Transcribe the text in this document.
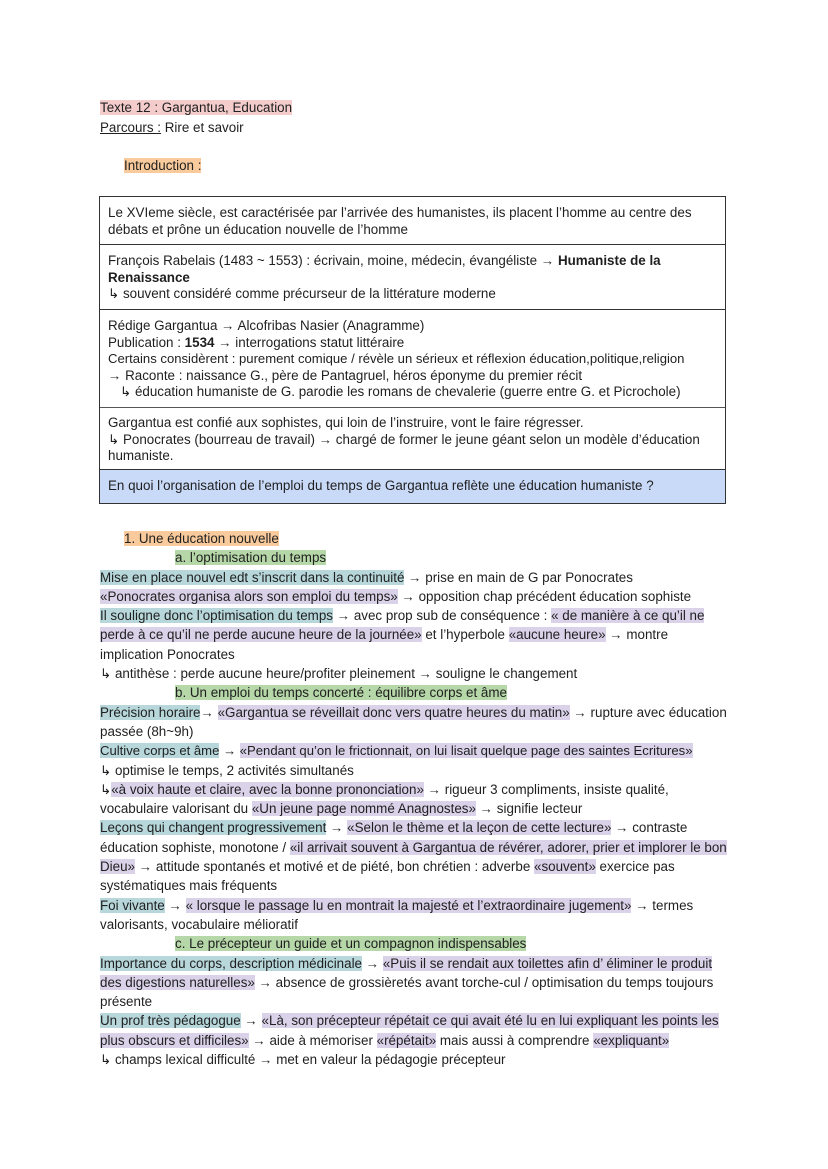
Texte 12 : Gargantua, Education
Parcours : Rire et savoir
Introduction :
Le XVIeme siècle, est caractérisée par l’arrivée des humanistes, ils placent l’homme au centre des débats et prône un éducation nouvelle de l’homme
François Rabelais (1483 ~ 1553) : écrivain, moine, médecin, évangéliste → Humaniste de la Renaissance
↳ souvent considéré comme précurseur de la littérature moderne
Rédige Gargantua → Alcofribas Nasier (Anagramme)
Publication : 1534 → interrogations statut littéraire
Certains considèrent : purement comique / révèle un sérieux et réflexion éducation,politique,religion
→ Raconte : naissance G., père de Pantagruel, héros éponyme du premier récit
↳ éducation humaniste de G. parodie les romans de chevalerie (guerre entre G. et Picrochole)
Gargantua est confié aux sophistes, qui loin de l’instruire, vont le faire régresser.
↳ Ponocrates (bourreau de travail) → chargé de former le jeune géant selon un modèle d’éducation humaniste.
En quoi l’organisation de l’emploi du temps de Gargantua reflète une éducation humaniste ?
1. Une éducation nouvelle
a. l’optimisation du temps
Mise en place nouvel edt s’inscrit dans la continuité → prise en main de G par Ponocrates
«Ponocrates organisa alors son emploi du temps» → opposition chap précédent éducation sophiste
Il souligne donc l’optimisation du temps → avec prop sub de conséquence : « de manière à ce qu’il ne perde à ce qu’il ne perde aucune heure de la journée» et l’hyperbole «aucune heure» → montre implication Ponocrates
↳ antithèse : perde aucune heure/profiter pleinement → souligne le changement
b. Un emploi du temps concerté : équilibre corps et âme
Précision horaire→ «Gargantua se réveillait donc vers quatre heures du matin» → rupture avec éducation passée (8h~9h)
Cultive corps et âme → «Pendant qu’on le frictionnait, on lui lisait quelque page des saintes Ecritures»
↳ optimise le temps, 2 activités simultanés
↳«à voix haute et claire, avec la bonne prononciation» → rigueur 3 compliments, insiste qualité, vocabulaire valorisant du «Un jeune page nommé Anagnostes» → signifie lecteur
Leçons qui changent progressivement → «Selon le thème et la leçon de cette lecture» → contraste éducation sophiste, monotone / «il arrivait souvent à Gargantua de révérer, adorer, prier et implorer le bon Dieu» → attitude spontanés et motivé et de piété, bon chrétien : adverbe «souvent» exercice pas systématiques mais fréquents
Foi vivante → « lorsque le passage lu en montrait la majesté et l’extraordinaire jugement» → termes valorisants, vocabulaire mélioratif
c. Le précepteur un guide et un compagnon indispensables
Importance du corps, description médicinale → «Puis il se rendait aux toilettes afin d’ éliminer le produit des digestions naturelles» → absence de grossièretés avant torche-cul / optimisation du temps toujours présente
Un prof très pédagogue → «Là, son précepteur répétait ce qui avait été lu en lui expliquant les points les plus obscurs et difficiles» → aide à mémoriser «répétait» mais aussi à comprendre «expliquant»
↳ champs lexical difficulté → met en valeur la pédagogie précepteur
